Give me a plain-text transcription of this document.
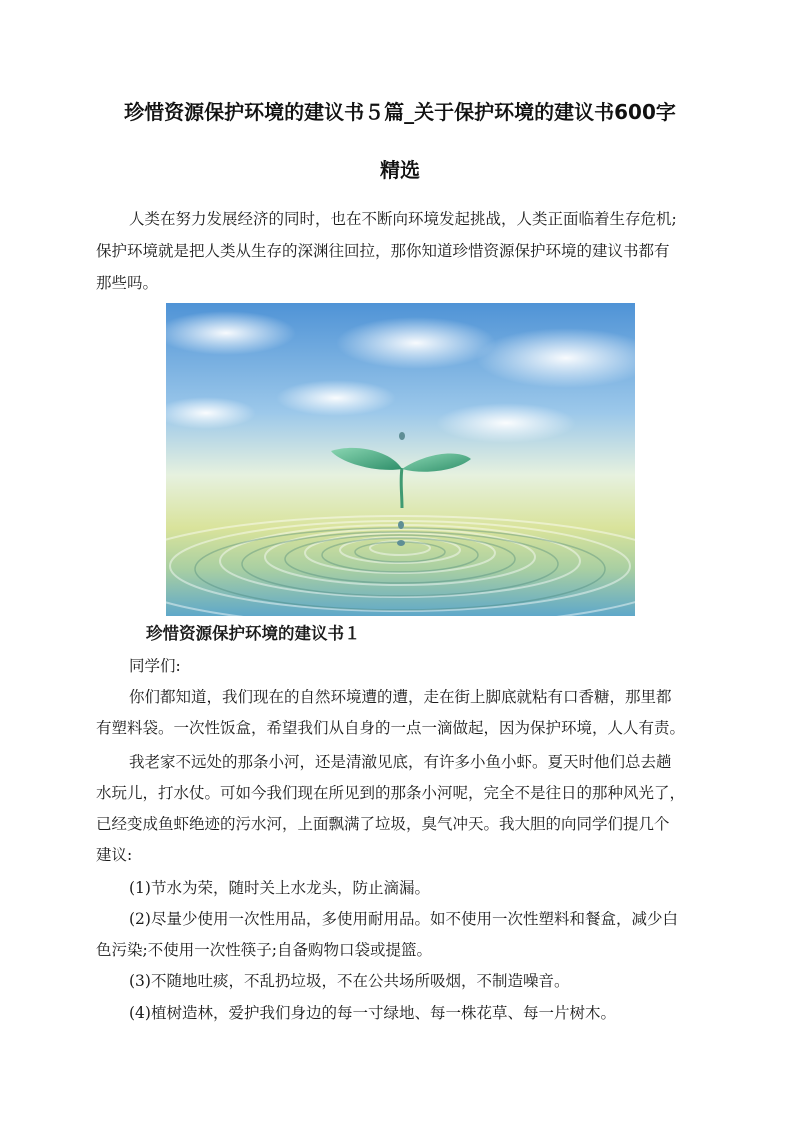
珍惜资源保护环境的建议书５篇_关于保护环境的建议书600字
精选

人类在努力发展经济的同时，也在不断向环境发起挑战，人类正面临着生存危机;

保护环境就是把人类从生存的深渊往回拉，那你知道珍惜资源保护环境的建议书都有

那些吗。

珍惜资源保护环境的建议书１

同学们:

你们都知道，我们现在的自然环境遭的遭，走在街上脚底就粘有口香糖，那里都

有塑料袋。一次性饭盒，希望我们从自身的一点一滴做起，因为保护环境，人人有责。

我老家不远处的那条小河，还是清澈见底，有许多小鱼小虾。夏天时他们总去趟

水玩儿，打水仗。可如今我们现在所见到的那条小河呢，完全不是往日的那种风光了，

已经变成鱼虾绝迹的污水河，上面飘满了垃圾，臭气冲天。我大胆的向同学们提几个

建议:

(1)节水为荣，随时关上水龙头，防止滴漏。

(2)尽量少使用一次性用品，多使用耐用品。如不使用一次性塑料和餐盒，减少白

色污染;不使用一次性筷子;自备购物口袋或提篮。

(3)不随地吐痰，不乱扔垃圾，不在公共场所吸烟，不制造噪音。

(4)植树造林，爱护我们身边的每一寸绿地、每一株花草、每一片树木。
